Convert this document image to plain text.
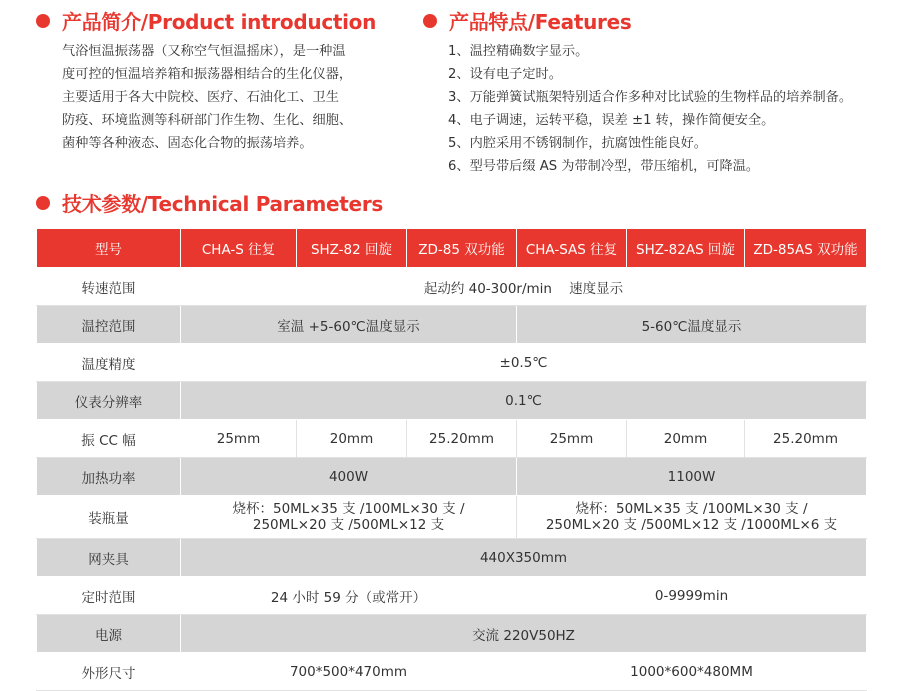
产品简介/Product introduction

气浴恒温振荡器（又称空气恒温摇床），是一种温

度可控的恒温培养箱和振荡器相结合的生化仪器，

主要适用于各大中院校、医疗、石油化工、卫生

防疫、环境监测等科研部门作生物、生化、细胞、

菌种等各种液态、固态化合物的振荡培养。

产品特点/Features
1、温控精确数字显示。
2、设有电子定时。
3、万能弹簧试瓶架特别适合作多种对比试验的生物样品的培养制备。
4、电子调速，运转平稳，误差 ±1 转，操作简便安全。
5、内腔采用不锈钢制作，抗腐蚀性能良好。
6、型号带后缀 AS 为带制冷型，带压缩机，可降温。
技术参数/Technical Parameters
型号	CHA-S 往复	SHZ-82 回旋	ZD-85 双功能	CHA-SAS 往复	SHZ-82AS 回旋	ZD-85AS 双功能
转速范围	起动约 40-300r/min    速度显示					
温控范围	室温 +5-60℃温度显示			5-60℃温度显示		
温度精度	±0.5℃					
仪表分辨率	0.1℃					
振 CC 幅	25mm	20mm	25.20mm	25mm	20mm	25.20mm
加热功率	400W			1100W		
装瓶量	烧杯：50ML×35 支 /100ML×30 支 /
250ML×20 支 /500ML×12 支			烧杯：50ML×35 支 /100ML×30 支 /
250ML×20 支 /500ML×12 支 /1000ML×6 支		

网夹具	440X350mm					
定时范围	24 小时 59 分（或常开）			0-9999min		
电源	交流 220V50HZ					
外形尺寸	700*500*470mm			1000*600*480MM		
